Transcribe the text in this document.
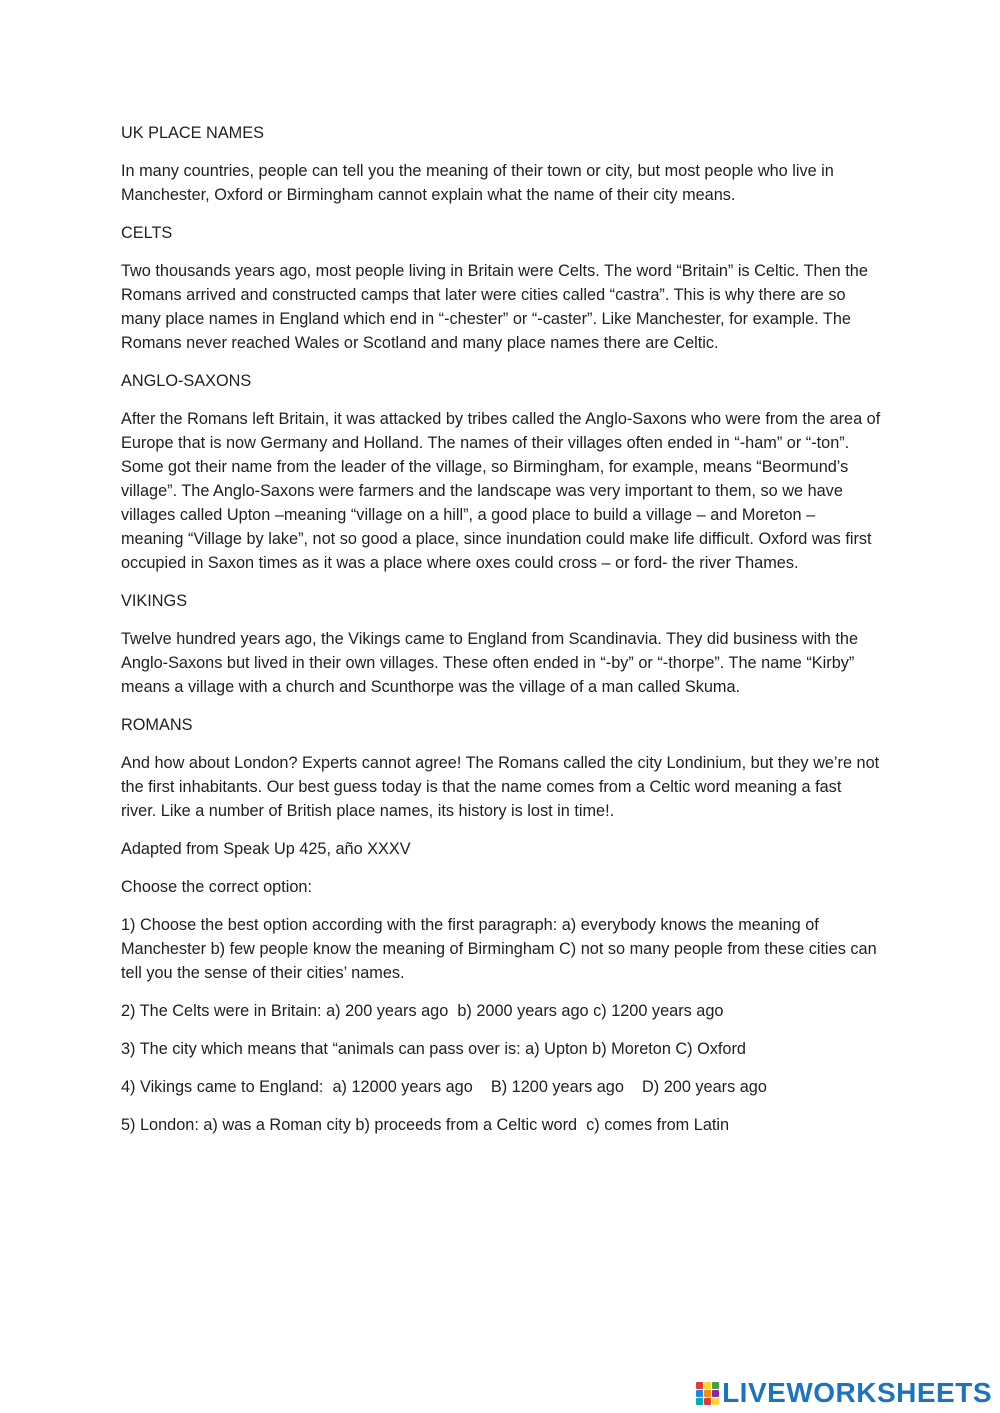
UK PLACE NAMES

In many countries, people can tell you the meaning of their town or city, but most people who live in Manchester, Oxford or Birmingham cannot explain what the name of their city means.

CELTS

Two thousands years ago, most people living in Britain were Celts. The word “Britain” is Celtic. Then the Romans arrived and constructed camps that later were cities called “castra”. This is why there are so many place names in England which end in “-chester” or “-caster”. Like Manchester, for example. The Romans never reached Wales or Scotland and many place names there are Celtic.

ANGLO-SAXONS

After the Romans left Britain, it was attacked by tribes called the Anglo-Saxons who were from the area of Europe that is now Germany and Holland. The names of their villages often ended in “-ham” or “-ton”. Some got their name from the leader of the village, so Birmingham, for example, means “Beormund’s village”. The Anglo-Saxons were farmers and the landscape was very important to them, so we have villages called Upton –meaning “village on a hill”, a good place to build a village – and Moreton – meaning “Village by lake”, not so good a place, since inundation could make life difficult. Oxford was first occupied in Saxon times as it was a place where oxes could cross – or ford- the river Thames.

VIKINGS

Twelve hundred years ago, the Vikings came to England from Scandinavia. They did business with the Anglo-Saxons but lived in their own villages. These often ended in “-by” or “-thorpe”. The name “Kirby” means a village with a church and Scunthorpe was the village of a man called Skuma.

ROMANS

And how about London? Experts cannot agree! The Romans called the city Londinium, but they we’re not the first inhabitants. Our best guess today is that the name comes from a Celtic word meaning a fast river. Like a number of British place names, its history is lost in time!.

Adapted from Speak Up 425, año XXXV

Choose the correct option:

1) Choose the best option according with the first paragraph: a) everybody knows the meaning of Manchester b) few people know the meaning of Birmingham C) not so many people from these cities can tell you the sense of their cities’ names.

2) The Celts were in Britain: a) 200 years ago  b) 2000 years ago c) 1200 years ago

3) The city which means that “animals can pass over is: a) Upton b) Moreton C) Oxford

4) Vikings came to England:  a) 12000 years ago    B) 1200 years ago    D) 200 years ago

5) London: a) was a Roman city b) proceeds from a Celtic word  c) comes from Latin

LIVEWORKSHEETS
